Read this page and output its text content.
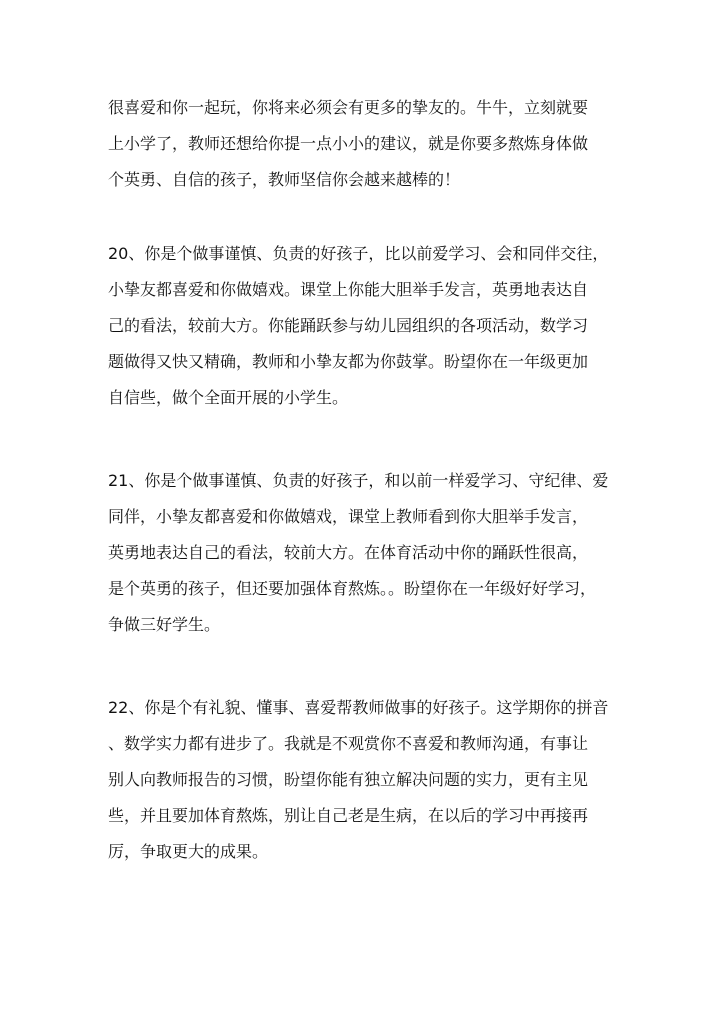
很喜爱和你一起玩，你将来必须会有更多的挚友的。牛牛，立刻就要
上小学了，教师还想给你提一点小小的建议，就是你要多熬炼身体做
个英勇、自信的孩子，教师坚信你会越来越棒的！
20、你是个做事谨慎、负责的好孩子，比以前爱学习、会和同伴交往，
小挚友都喜爱和你做嬉戏。课堂上你能大胆举手发言，英勇地表达自
己的看法，较前大方。你能踊跃参与幼儿园组织的各项活动，数学习
题做得又快又精确，教师和小挚友都为你鼓掌。盼望你在一年级更加
自信些，做个全面开展的小学生。
21、你是个做事谨慎、负责的好孩子，和以前一样爱学习、守纪律、爱
同伴，小挚友都喜爱和你做嬉戏，课堂上教师看到你大胆举手发言，
英勇地表达自己的看法，较前大方。在体育活动中你的踊跃性很高，
是个英勇的孩子，但还要加强体育熬炼。。盼望你在一年级好好学习，
争做三好学生。
22、你是个有礼貌、懂事、喜爱帮教师做事的好孩子。这学期你的拼音
、数学实力都有进步了。我就是不观赏你不喜爱和教师沟通，有事让
别人向教师报告的习惯，盼望你能有独立解决问题的实力，更有主见
些，并且要加体育熬炼，别让自己老是生病，在以后的学习中再接再
厉，争取更大的成果。
